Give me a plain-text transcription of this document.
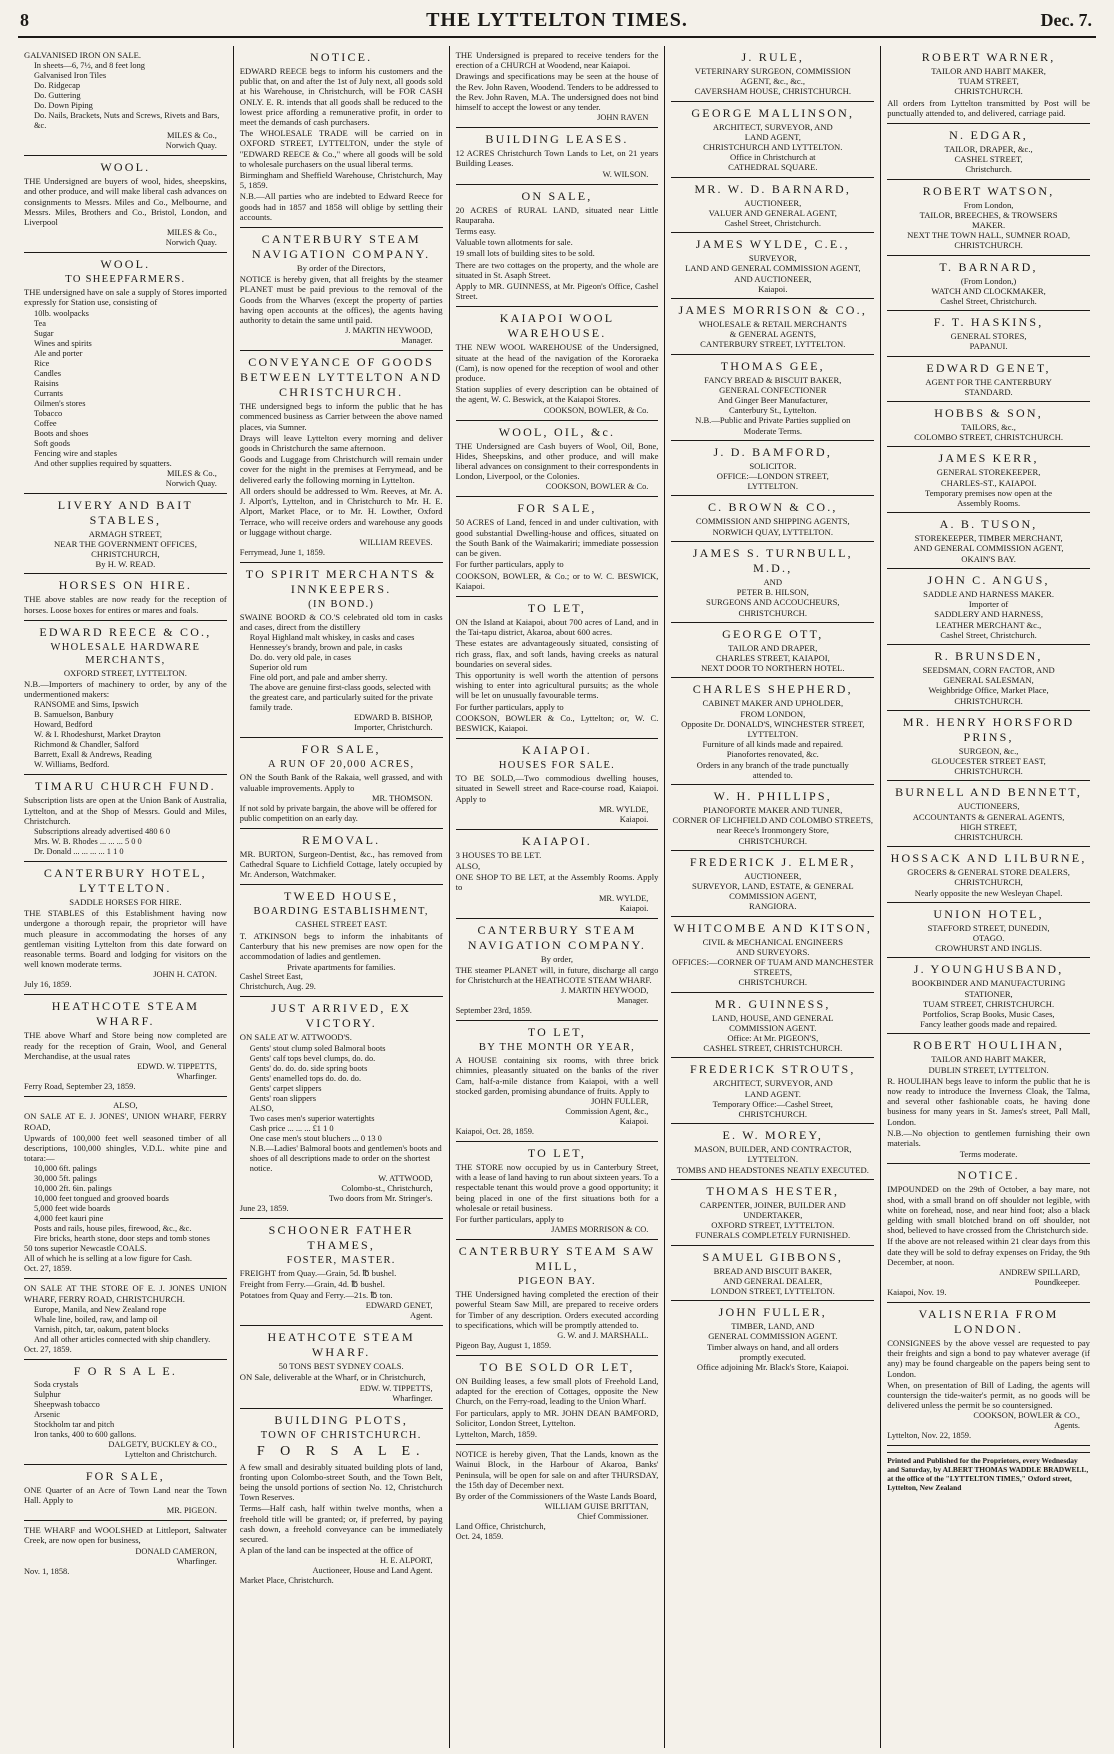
8	THE LYTTELTON TIMES.	Dec. 7.

GALVANISED IRON ON SALE.

In sheets—6, 7½, and 8 feet long

Galvanised Iron Tiles

Do. Ridgecap

Do. Guttering

Do. Down Piping

Do. Nails, Brackets, Nuts and Screws, Rivets and Bars, &c.

MILES & Co.,

Norwich Quay.

WOOL.

THE Undersigned are buyers of wool, hides, sheepskins, and other produce, and will make liberal cash advances on consignments to Messrs. Miles and Co., Melbourne, and Messrs. Miles, Brothers and Co., Bristol, London, and Liverpool

MILES & Co.,

Norwich Quay.

WOOL.
TO SHEEPFARMERS.

THE undersigned have on sale a supply of Stores imported expressly for Station use, consisting of

10lb. woolpacks

Tea

Sugar

Wines and spirits

Ale and porter

Rice

Candles

Raisins

Currants

Oilmen's stores

Tobacco

Coffee

Boots and shoes

Soft goods

Fencing wire and staples

And other supplies required by squatters.

MILES & Co.,

Norwich Quay.

LIVERY AND BAIT STABLES,

ARMAGH STREET,

NEAR THE GOVERNMENT OFFICES,

CHRISTCHURCH,

By H. W. READ.

HORSES ON HIRE.

THE above stables are now ready for the reception of horses. Loose boxes for entires or mares and foals.

EDWARD REECE & CO.,
WHOLESALE HARDWARE MERCHANTS,

OXFORD STREET, LYTTELTON.

N.B.—Importers of machinery to order, by any of the undermentioned makers:

RANSOME and Sims, Ipswich

B. Samuelson, Banbury

Howard, Bedford

W. & I. Rhodeshurst, Market Drayton

Richmond & Chandler, Salford

Barrett, Exall & Andrews, Reading

W. Williams, Bedford.

TIMARU CHURCH FUND.

Subscription lists are open at the Union Bank of Australia, Lyttelton, and at the Shop of Messrs. Gould and Miles, Christchurch.

Subscriptions already advertised 480 6 0

Mrs. W. B. Rhodes ... ... ... 5 0 0

Dr. Donald ... ... ... ... 1 1 0

CANTERBURY HOTEL, LYTTELTON.

SADDLE HORSES FOR HIRE.

THE STABLES of this Establishment having now undergone a thorough repair, the proprietor will have much pleasure in accommodating the horses of any gentleman visiting Lyttelton from this date forward on reasonable terms. Board and lodging for visitors on the well known moderate terms.

JOHN H. CATON.

July 16, 1859.

HEATHCOTE STEAM WHARF.

THE above Wharf and Store being now completed are ready for the reception of Grain, Wool, and General Merchandise, at the usual rates

EDWD. W. TIPPETTS,

Wharfinger.

Ferry Road, September 23, 1859.

ALSO,

ON SALE AT E. J. JONES', UNION WHARF, FERRY ROAD,

Upwards of 100,000 feet well seasoned timber of all descriptions, 100,000 shingles, V.D.L. white pine and totara:—

10,000 6ft. palings

30,000 5ft. palings

10,000 2ft. 6in. palings

10,000 feet tongued and grooved boards

5,000 feet wide boards

4,000 feet kauri pine

Posts and rails, house piles, firewood, &c., &c.

Fire bricks, hearth stone, door steps and tomb stones

50 tons superior Newcastle COALS.

All of which he is selling at a low figure for Cash.

Oct. 27, 1859.

ON SALE AT THE STORE OF E. J. JONES UNION WHARF, FERRY ROAD, CHRISTCHURCH.

Europe, Manila, and New Zealand rope

Whale line, boiled, raw, and lamp oil

Varnish, pitch, tar, oakum, patent blocks

And all other articles connected with ship chandlery.

Oct. 27, 1859.

F O R S A L E.

Soda crystals

Sulphur

Sheepwash tobacco

Arsenic

Stockholm tar and pitch

Iron tanks, 400 to 600 gallons.

DALGETY, BUCKLEY & CO.,

Lyttelton and Christchurch.

FOR SALE,

ONE Quarter of an Acre of Town Land near the Town Hall. Apply to

MR. PIGEON.

THE WHARF and WOOLSHED at Littleport, Saltwater Creek, are now open for business,

DONALD CAMERON,

Wharfinger.

Nov. 1, 1858.

NOTICE.

EDWARD REECE begs to inform his customers and the public that, on and after the 1st of July next, all goods sold at his Warehouse, in Christchurch, will be FOR CASH ONLY. E. R. intends that all goods shall be reduced to the lowest price affording a remunerative profit, in order to meet the demands of cash purchasers.

The WHOLESALE TRADE will be carried on in OXFORD STREET, LYTTELTON, under the style of "EDWARD REECE & Co.," where all goods will be sold to wholesale purchasers on the usual liberal terms.

Birmingham and Sheffield Warehouse, Christchurch, May 5, 1859.

N.B.—All parties who are indebted to Edward Reece for goods had in 1857 and 1858 will oblige by settling their accounts.

CANTERBURY STEAM NAVIGATION COMPANY.

By order of the Directors,

NOTICE is hereby given, that all freights by the steamer PLANET must be paid previous to the removal of the Goods from the Wharves (except the property of parties having open accounts at the offices), the agents having authority to detain the same until paid.

J. MARTIN HEYWOOD,

Manager.

CONVEYANCE OF GOODS BETWEEN LYTTELTON AND CHRISTCHURCH.

THE undersigned begs to inform the public that he has commenced business as Carrier between the above named places, via Sumner.

Drays will leave Lyttelton every morning and deliver goods in Christchurch the same afternoon.

Goods and Luggage from Christchurch will remain under cover for the night in the premises at Ferrymead, and be delivered early the following morning in Lyttelton.

All orders should be addressed to Wm. Reeves, at Mr. A. J. Alport's, Lyttelton, and in Christchurch to Mr. H. E. Alport, Market Place, or to Mr. H. Lowther, Oxford Terrace, who will receive orders and warehouse any goods or luggage without charge.

WILLIAM REEVES.

Ferrymead, June 1, 1859.

TO SPIRIT MERCHANTS & INNKEEPERS.
(IN BOND.)

SWAINE BOORD & CO.'S celebrated old tom in casks and cases, direct from the distillery

Royal Highland malt whiskey, in casks and cases

Hennessey's brandy, brown and pale, in casks

Do. do. very old pale, in cases

Superior old rum

Fine old port, and pale and amber sherry.

The above are genuine first-class goods, selected with the greatest care, and particularly suited for the private family trade.

EDWARD B. BISHOP,

Importer, Christchurch.

FOR SALE,
A RUN OF 20,000 ACRES,

ON the South Bank of the Rakaia, well grassed, and with valuable improvements. Apply to

MR. THOMSON.

If not sold by private bargain, the above will be offered for public competition on an early day.

REMOVAL.

MR. BURTON, Surgeon-Dentist, &c., has removed from Cathedral Square to Lichfield Cottage, lately occupied by Mr. Anderson, Watchmaker.

TWEED HOUSE,
BOARDING ESTABLISHMENT,

CASHEL STREET EAST.

T. ATKINSON begs to inform the inhabitants of Canterbury that his new premises are now open for the accommodation of ladies and gentlemen.

Private apartments for families.

Cashel Street East,

Christchurch, Aug. 29.

JUST ARRIVED, EX VICTORY.

ON SALE AT W. ATTWOOD'S.

Gents' stout clump soled Balmoral boots

Gents' calf tops bevel clumps, do. do.

Gents' do. do. do. side spring boots

Gents' enamelled tops do. do. do.

Gents' carpet slippers

Gents' roan slippers

ALSO,

Two cases men's superior watertights

Cash price ... ... ... £1 1 0

One case men's stout bluchers ... 0 13 0

N.B.—Ladies' Balmoral boots and gentlemen's boots and shoes of all descriptions made to order on the shortest notice.

W. ATTWOOD,

Colombo-st., Christchurch,

Two doors from Mr. Stringer's.

June 23, 1859.

SCHOONER FATHER THAMES,
FOSTER, MASTER.

FREIGHT from Quay.—Grain, 5d. ℔ bushel.

Freight from Ferry.—Grain, 4d. ℔ bushel.

Potatoes from Quay and Ferry.—21s. ℔ ton.

EDWARD GENET,

Agent.

HEATHCOTE STEAM WHARF.

50 TONS BEST SYDNEY COALS.

ON Sale, deliverable at the Wharf, or in Christchurch,

EDW. W. TIPPETTS,

Wharfinger.

BUILDING PLOTS,
TOWN OF CHRISTCHURCH.
F O R S A L E.

A few small and desirably situated building plots of land, fronting upon Colombo-street South, and the Town Belt, being the unsold portions of section No. 12, Christchurch Town Reserves.

Terms—Half cash, half within twelve months, when a freehold title will be granted; or, if preferred, by paying cash down, a freehold conveyance can be immediately secured.

A plan of the land can be inspected at the office of

H. E. ALPORT,

Auctioneer, House and Land Agent.

Market Place, Christchurch.

THE Undersigned is prepared to receive tenders for the erection of a CHURCH at Woodend, near Kaiapoi.

Drawings and specifications may be seen at the house of the Rev. John Raven, Woodend. Tenders to be addressed to the Rev. John Raven, M.A. The undersigned does not bind himself to accept the lowest or any tender.

JOHN RAVEN

BUILDING LEASES.

12 ACRES Christchurch Town Lands to Let, on 21 years Building Leases.

W. WILSON.

ON SALE,

20 ACRES of RURAL LAND, situated near Little Rauparaha.

Terms easy.

Valuable town allotments for sale.

19 small lots of building sites to be sold.

There are two cottages on the property, and the whole are situated in St. Asaph Street.

Apply to MR. GUINNESS, at Mr. Pigeon's Office, Cashel Street.

KAIAPOI WOOL WAREHOUSE.

THE NEW WOOL WAREHOUSE of the Undersigned, situate at the head of the navigation of the Kororaeka (Cam), is now opened for the reception of wool and other produce.

Station supplies of every description can be obtained of the agent, W. C. Beswick, at the Kaiapoi Stores.

COOKSON, BOWLER, & Co.

WOOL, OIL, &c.

THE Undersigned are Cash buyers of Wool, Oil, Bone, Hides, Sheepskins, and other produce, and will make liberal advances on consignment to their correspondents in London, Liverpool, or the Colonies.

COOKSON, BOWLER & Co.

FOR SALE,

50 ACRES of Land, fenced in and under cultivation, with good substantial Dwelling-house and offices, situated on the South Bank of the Waimakariri; immediate possession can be given.

For further particulars, apply to

COOKSON, BOWLER, & Co.; or to W. C. BESWICK, Kaiapoi.

TO LET,

ON the Island at Kaiapoi, about 700 acres of Land, and in the Tai-tapu district, Akaroa, about 600 acres.

These estates are advantageously situated, consisting of rich grass, flax, and soft lands, having creeks as natural boundaries on several sides.

This opportunity is well worth the attention of persons wishing to enter into agricultural pursuits; as the whole will be let on unusually favourable terms.

For further particulars, apply to

COOKSON, BOWLER & Co., Lyttelton; or, W. C. BESWICK, Kaiapoi.

KAIAPOI.
HOUSES FOR SALE.

TO BE SOLD,—Two commodious dwelling houses, situated in Sewell street and Race-course road, Kaiapoi. Apply to

MR. WYLDE,

Kaiapoi.

KAIAPOI.

3 HOUSES TO BE LET.

ALSO,

ONE SHOP TO BE LET, at the Assembly Rooms. Apply to

MR. WYLDE,

Kaiapoi.

CANTERBURY STEAM NAVIGATION COMPANY.

By order,

THE steamer PLANET will, in future, discharge all cargo for Christchurch at the HEATHCOTE STEAM WHARF.

J. MARTIN HEYWOOD,

Manager.

September 23rd, 1859.

TO LET,
BY THE MONTH OR YEAR,

A HOUSE containing six rooms, with three brick chimnies, pleasantly situated on the banks of the river Cam, half-a-mile distance from Kaiapoi, with a well stocked garden, promising abundance of fruits. Apply to

JOHN FULLER,

Commission Agent, &c.,

Kaiapoi.

Kaiapoi, Oct. 28, 1859.

TO LET,

THE STORE now occupied by us in Canterbury Street, with a lease of land having to run about sixteen years. To a respectable tenant this would prove a good opportunity; it being placed in one of the first situations both for a wholesale or retail business.

For further particulars, apply to

JAMES MORRISON & CO.

CANTERBURY STEAM SAW MILL,
PIGEON BAY.

THE Undersigned having completed the erection of their powerful Steam Saw Mill, are prepared to receive orders for Timber of any description. Orders executed according to specifications, which will be promptly attended to.

G. W. and J. MARSHALL.

Pigeon Bay, August 1, 1859.

TO BE SOLD OR LET,

ON Building leases, a few small plots of Freehold Land, adapted for the erection of Cottages, opposite the New Church, on the Ferry-road, leading to the Union Wharf.

For particulars, apply to MR. JOHN DEAN BAMFORD, Solicitor, London Street, Lyttelton.

Lyttelton, March, 1859.

NOTICE is hereby given, That the Lands, known as the Wainui Block, in the Harbour of Akaroa, Banks' Peninsula, will be open for sale on and after THURSDAY, the 15th day of December next.

By order of the Commissioners of the Waste Lands Board,

WILLIAM GUISE BRITTAN,

Chief Commissioner.

Land Office, Christchurch,

Oct. 24, 1859.

J. RULE,

VETERINARY SURGEON, COMMISSION

AGENT, &c., &c.,

CAVERSHAM HOUSE, CHRISTCHURCH.

GEORGE MALLINSON,

ARCHITECT, SURVEYOR, AND

LAND AGENT,

CHRISTCHURCH AND LYTTELTON.

Office in Christchurch at

CATHEDRAL SQUARE.

MR. W. D. BARNARD,

AUCTIONEER,

VALUER AND GENERAL AGENT,

Cashel Street, Christchurch.

JAMES WYLDE, C.E.,

SURVEYOR,

LAND AND GENERAL COMMISSION AGENT,

AND AUCTIONEER,

Kaiapoi.

JAMES MORRISON & CO.,

WHOLESALE & RETAIL MERCHANTS

& GENERAL AGENTS,

CANTERBURY STREET, LYTTELTON.

THOMAS GEE,

FANCY BREAD & BISCUIT BAKER,

GENERAL CONFECTIONER

And Ginger Beer Manufacturer,

Canterbury St., Lyttelton.

N.B.—Public and Private Parties supplied on

Moderate Terms.

J. D. BAMFORD,

SOLICITOR.

OFFICE:—LONDON STREET,

LYTTELTON.

C. BROWN & CO.,

COMMISSION AND SHIPPING AGENTS,

NORWICH QUAY, LYTTELTON.

JAMES S. TURNBULL, M.D.,

AND

PETER B. HILSON,

SURGEONS AND ACCOUCHEURS,

CHRISTCHURCH.

GEORGE OTT,

TAILOR AND DRAPER,

CHARLES STREET, KAIAPOI,

NEXT DOOR TO NORTHERN HOTEL.

CHARLES SHEPHERD,

CABINET MAKER AND UPHOLDER,

FROM LONDON,

Opposite Dr. DONALD'S, WINCHESTER STREET,

LYTTELTON.

Furniture of all kinds made and repaired.

Pianofortes renovated, &c.

Orders in any branch of the trade punctually

attended to.

W. H. PHILLIPS,

PIANOFORTE MAKER AND TUNER,

CORNER OF LICHFIELD AND COLOMBO STREETS,

near Reece's Ironmongery Store,

CHRISTCHURCH.

FREDERICK J. ELMER,

AUCTIONEER,

SURVEYOR, LAND, ESTATE, & GENERAL

COMMISSION AGENT,

RANGIORA.

WHITCOMBE AND KITSON,

CIVIL & MECHANICAL ENGINEERS

AND SURVEYORS.

OFFICES:—CORNER OF TUAM AND MANCHESTER

STREETS,

CHRISTCHURCH.

MR. GUINNESS,

LAND, HOUSE, AND GENERAL

COMMISSION AGENT.

Office: At Mr. PIGEON'S,

CASHEL STREET, CHRISTCHURCH.

FREDERICK STROUTS,

ARCHITECT, SURVEYOR, AND

LAND AGENT.

Temporary Office:—Cashel Street,

CHRISTCHURCH.

E. W. MOREY,

MASON, BUILDER, AND CONTRACTOR,

LYTTELTON.

TOMBS AND HEADSTONES NEATLY EXECUTED.

THOMAS HESTER,

CARPENTER, JOINER, BUILDER AND

UNDERTAKER,

OXFORD STREET, LYTTELTON.

FUNERALS COMPLETELY FURNISHED.

SAMUEL GIBBONS,

BREAD AND BISCUIT BAKER,

AND GENERAL DEALER,

LONDON STREET, LYTTELTON.

JOHN FULLER,

TIMBER, LAND, AND

GENERAL COMMISSION AGENT.

Timber always on hand, and all orders

promptly executed.

Office adjoining Mr. Black's Store, Kaiapoi.

ROBERT WARNER,

TAILOR AND HABIT MAKER,

TUAM STREET,

CHRISTCHURCH.

All orders from Lyttelton transmitted by Post will be punctually attended to, and delivered, carriage paid.

N. EDGAR,

TAILOR, DRAPER, &c.,

CASHEL STREET,

Christchurch.

ROBERT WATSON,

From London,

TAILOR, BREECHES, & TROWSERS

MAKER.

NEXT THE TOWN HALL, SUMNER ROAD,

CHRISTCHURCH.

T. BARNARD,

(From London,)

WATCH AND CLOCKMAKER,

Cashel Street, Christchurch.

F. T. HASKINS,

GENERAL STORES,

PAPANUI.

EDWARD GENET,

AGENT FOR THE CANTERBURY

STANDARD.

HOBBS & SON,

TAILORS, &c.,

COLOMBO STREET, CHRISTCHURCH.

JAMES KERR,

GENERAL STOREKEEPER,

CHARLES-ST., KAIAPOI.

Temporary premises now open at the

Assembly Rooms.

A. B. TUSON,

STOREKEEPER, TIMBER MERCHANT,

AND GENERAL COMMISSION AGENT,

OKAIN'S BAY.

JOHN C. ANGUS,

SADDLE AND HARNESS MAKER.

Importer of

SADDLERY AND HARNESS,

LEATHER MERCHANT &c.,

Cashel Street, Christchurch.

R. BRUNSDEN,

SEEDSMAN, CORN FACTOR, AND

GENERAL SALESMAN,

Weighbridge Office, Market Place,

CHRISTCHURCH.

MR. HENRY HORSFORD PRINS,

SURGEON, &c.,

GLOUCESTER STREET EAST,

CHRISTCHURCH.

BURNELL AND BENNETT,

AUCTIONEERS,

ACCOUNTANTS & GENERAL AGENTS,

HIGH STREET,

CHRISTCHURCH.

HOSSACK AND LILBURNE,

GROCERS & GENERAL STORE DEALERS,

CHRISTCHURCH,

Nearly opposite the new Wesleyan Chapel.

UNION HOTEL,

STAFFORD STREET, DUNEDIN,

OTAGO.

CROWHURST AND INGLIS.

J. YOUNGHUSBAND,

BOOKBINDER AND MANUFACTURING

STATIONER,

TUAM STREET, CHRISTCHURCH.

Portfolios, Scrap Books, Music Cases,

Fancy leather goods made and repaired.

ROBERT HOULIHAN,

TAILOR AND HABIT MAKER,

DUBLIN STREET, LYTTELTON.

R. HOULIHAN begs leave to inform the public that he is now ready to introduce the Inverness Cloak, the Talma, and several other fashionable coats, he having done business for many years in St. James's street, Pall Mall, London.

N.B.—No objection to gentlemen furnishing their own materials.

Terms moderate.

NOTICE.

IMPOUNDED on the 29th of October, a bay mare, not shod, with a small brand on off shoulder not legible, with white on forehead, nose, and near hind foot; also a black gelding with small blotched brand on off shoulder, not shod, believed to have crossed from the Christchurch side.

If the above are not released within 21 clear days from this date they will be sold to defray expenses on Friday, the 9th December, at noon.

ANDREW SPILLARD,

Poundkeeper.

Kaiapoi, Nov. 19.

VALISNERIA FROM LONDON.

CONSIGNEES by the above vessel are requested to pay their freights and sign a bond to pay whatever average (if any) may be found chargeable on the papers being sent to London.

When, on presentation of Bill of Lading, the agents will countersign the tide-waiter's permit, as no goods will be delivered unless the permit be so countersigned.

COOKSON, BOWLER & CO.,

Agents.

Lyttelton, Nov. 22, 1859.

Printed and Published for the Proprietors, every Wednesday and Saturday, by ALBERT THOMAS WADDLE BRADWELL, at the office of the "LYTTELTON TIMES," Oxford street, Lyttelton, New Zealand
